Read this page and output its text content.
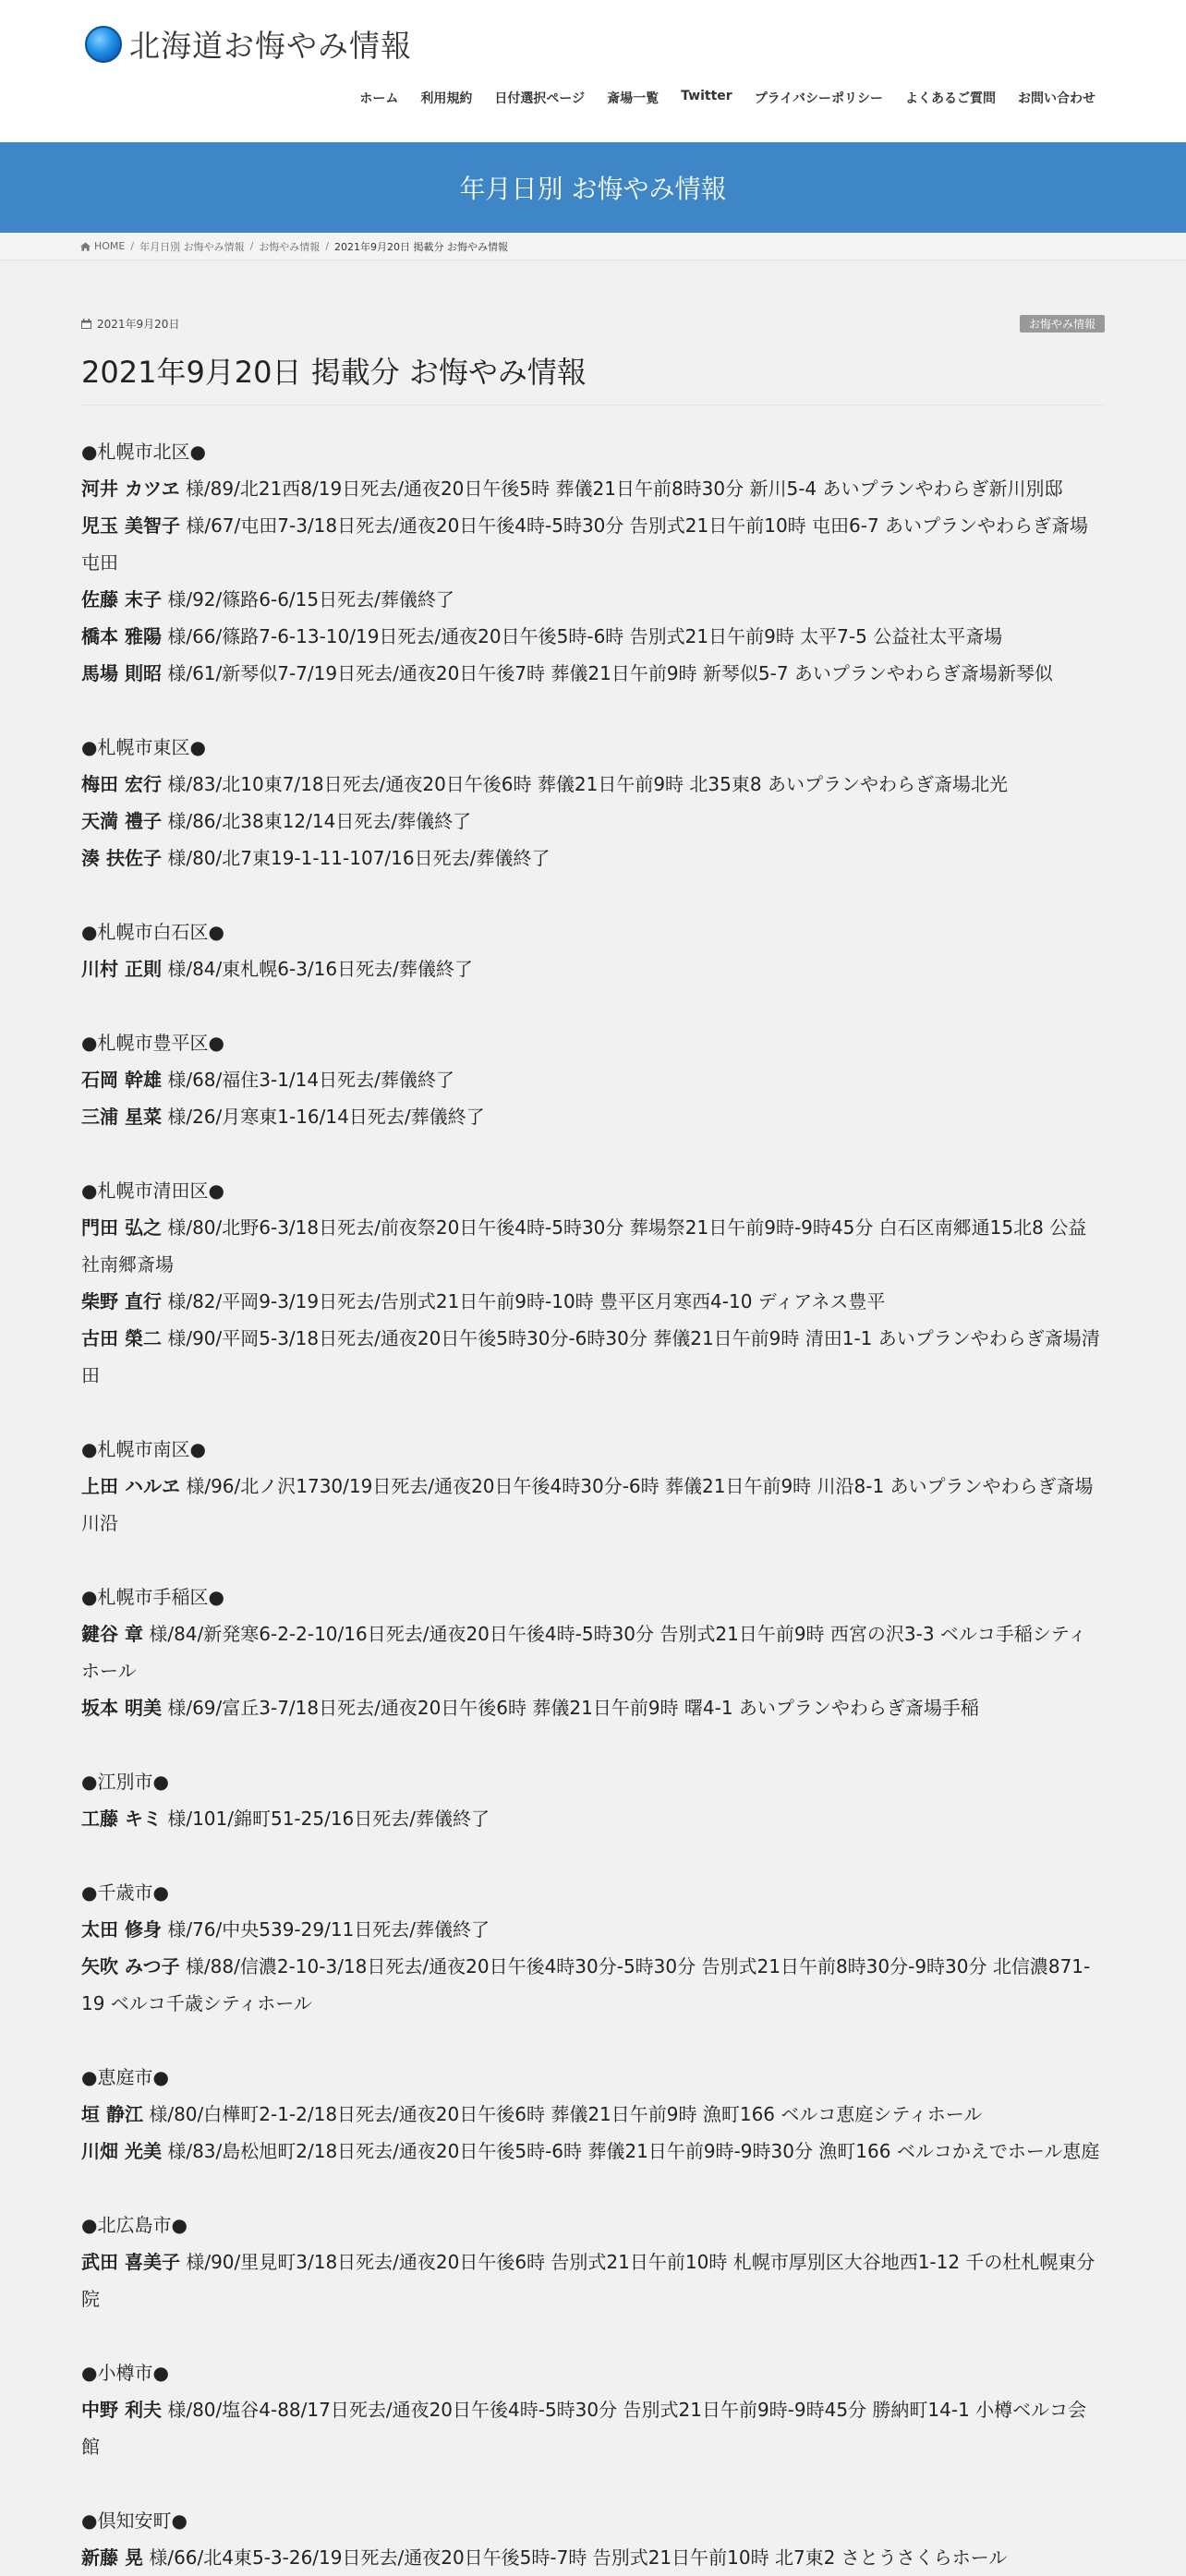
北海道お悔やみ情報
ホーム 利用規約 日付選択ページ 斎場一覧 Twitter プライバシーポリシー よくあるご質問 お問い合わせ
年月日別 お悔やみ情報
HOME / 年月日別 お悔やみ情報 / お悔やみ情報 / 2021年9月20日 掲載分 お悔やみ情報
2021年9月20日	お悔やみ情報
2021年9月20日 掲載分 お悔やみ情報

●札幌市北区●

河井 カツヱ 様/89/北21西8/19日死去/通夜20日午後5時 葬儀21日午前8時30分 新川5-4 あいプランやわらぎ新川別邸

児玉 美智子 様/67/屯田7-3/18日死去/通夜20日午後4時-5時30分 告別式21日午前10時 屯田6-7 あいプランやわらぎ斎場屯田

佐藤 末子 様/92/篠路6-6/15日死去/葬儀終了

橋本 雅陽 様/66/篠路7-6-13-10/19日死去/通夜20日午後5時-6時 告別式21日午前9時 太平7-5 公益社太平斎場

馬場 則昭 様/61/新琴似7-7/19日死去/通夜20日午後7時 葬儀21日午前9時 新琴似5-7 あいプランやわらぎ斎場新琴似

●札幌市東区●

梅田 宏行 様/83/北10東7/18日死去/通夜20日午後6時 葬儀21日午前9時 北35東8 あいプランやわらぎ斎場北光

天満 禮子 様/86/北38東12/14日死去/葬儀終了

湊 扶佐子 様/80/北7東19-1-11-107/16日死去/葬儀終了

●札幌市白石区●

川村 正則 様/84/東札幌6-3/16日死去/葬儀終了

●札幌市豊平区●

石岡 幹雄 様/68/福住3-1/14日死去/葬儀終了

三浦 星菜 様/26/月寒東1-16/14日死去/葬儀終了

●札幌市清田区●

門田 弘之 様/80/北野6-3/18日死去/前夜祭20日午後4時-5時30分 葬場祭21日午前9時-9時45分 白石区南郷通15北8 公益社南郷斎場

柴野 直行 様/82/平岡9-3/19日死去/告別式21日午前9時-10時 豊平区月寒西4-10 ディアネス豊平

古田 榮二 様/90/平岡5-3/18日死去/通夜20日午後5時30分-6時30分 葬儀21日午前9時 清田1-1 あいプランやわらぎ斎場清田

●札幌市南区●

上田 ハルヱ 様/96/北ノ沢1730/19日死去/通夜20日午後4時30分-6時 葬儀21日午前9時 川沿8-1 あいプランやわらぎ斎場川沿

●札幌市手稲区●

鍵谷 章 様/84/新発寒6-2-2-10/16日死去/通夜20日午後4時-5時30分 告別式21日午前9時 西宮の沢3-3 ベルコ手稲シティホール

坂本 明美 様/69/富丘3-7/18日死去/通夜20日午後6時 葬儀21日午前9時 曙4-1 あいプランやわらぎ斎場手稲

●江別市●

工藤 キミ 様/101/錦町51-25/16日死去/葬儀終了

●千歳市●

太田 修身 様/76/中央539-29/11日死去/葬儀終了

矢吹 みつ子 様/88/信濃2-10-3/18日死去/通夜20日午後4時30分-5時30分 告別式21日午前8時30分-9時30分 北信濃871-19 ベルコ千歳シティホール

●恵庭市●

垣 静江 様/80/白樺町2-1-2/18日死去/通夜20日午後6時 葬儀21日午前9時 漁町166 ベルコ恵庭シティホール

川畑 光美 様/83/島松旭町2/18日死去/通夜20日午後5時-6時 葬儀21日午前9時-9時30分 漁町166 ベルコかえでホール恵庭

●北広島市●

武田 喜美子 様/90/里見町3/18日死去/通夜20日午後6時 告別式21日午前10時 札幌市厚別区大谷地西1-12 千の杜札幌東分院

●小樽市●

中野 利夫 様/80/塩谷4-88/17日死去/通夜20日午後4時-5時30分 告別式21日午前9時-9時45分 勝納町14-1 小樽ベルコ会館

●倶知安町●

新藤 晃 様/66/北4東5-3-26/19日死去/通夜20日午後5時-7時 告別式21日午前10時 北7東2 さとうさくらホール
